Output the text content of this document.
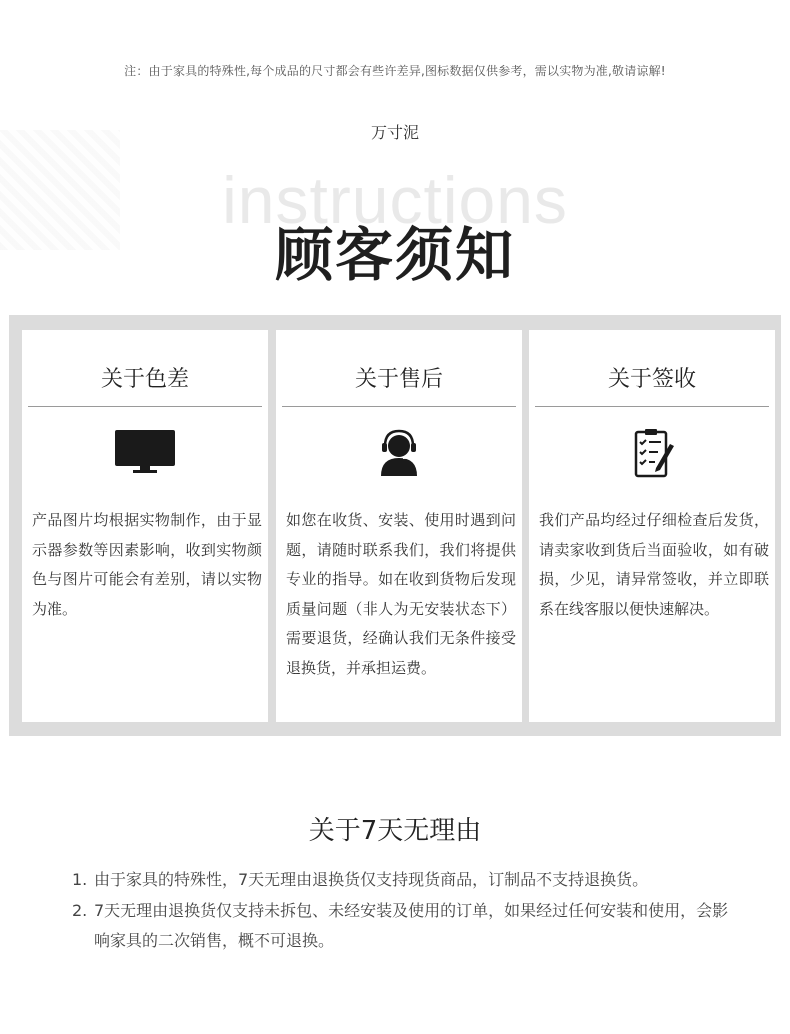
注：由于家具的特殊性,每个成品的尺寸都会有些许差异,图标数据仅供参考，需以实物为准,敬请谅解!
万寸泥
instructions
顾客须知
关于色差
产品图片均根据实物制作，由于显示器参数等因素影响，收到实物颜色与图片可能会有差别，请以实物为准。
关于售后
如您在收货、安装、使用时遇到问题，请随时联系我们，我们将提供专业的指导。如在收到货物后发现质量问题（非人为无安装状态下）需要退货，经确认我们无条件接受退换货，并承担运费。
关于签收
我们产品均经过仔细检查后发货，请卖家收到货后当面验收，如有破损，少见，请异常签收，并立即联系在线客服以便快速解决。
关于7天无理由
1. 由于家具的特殊性，7天无理由退换货仅支持现货商品，订制品不支持退换货。
2. 7天无理由退换货仅支持未拆包、未经安装及使用的订单，如果经过任何安装和使用，会影响家具的二次销售，概不可退换。
